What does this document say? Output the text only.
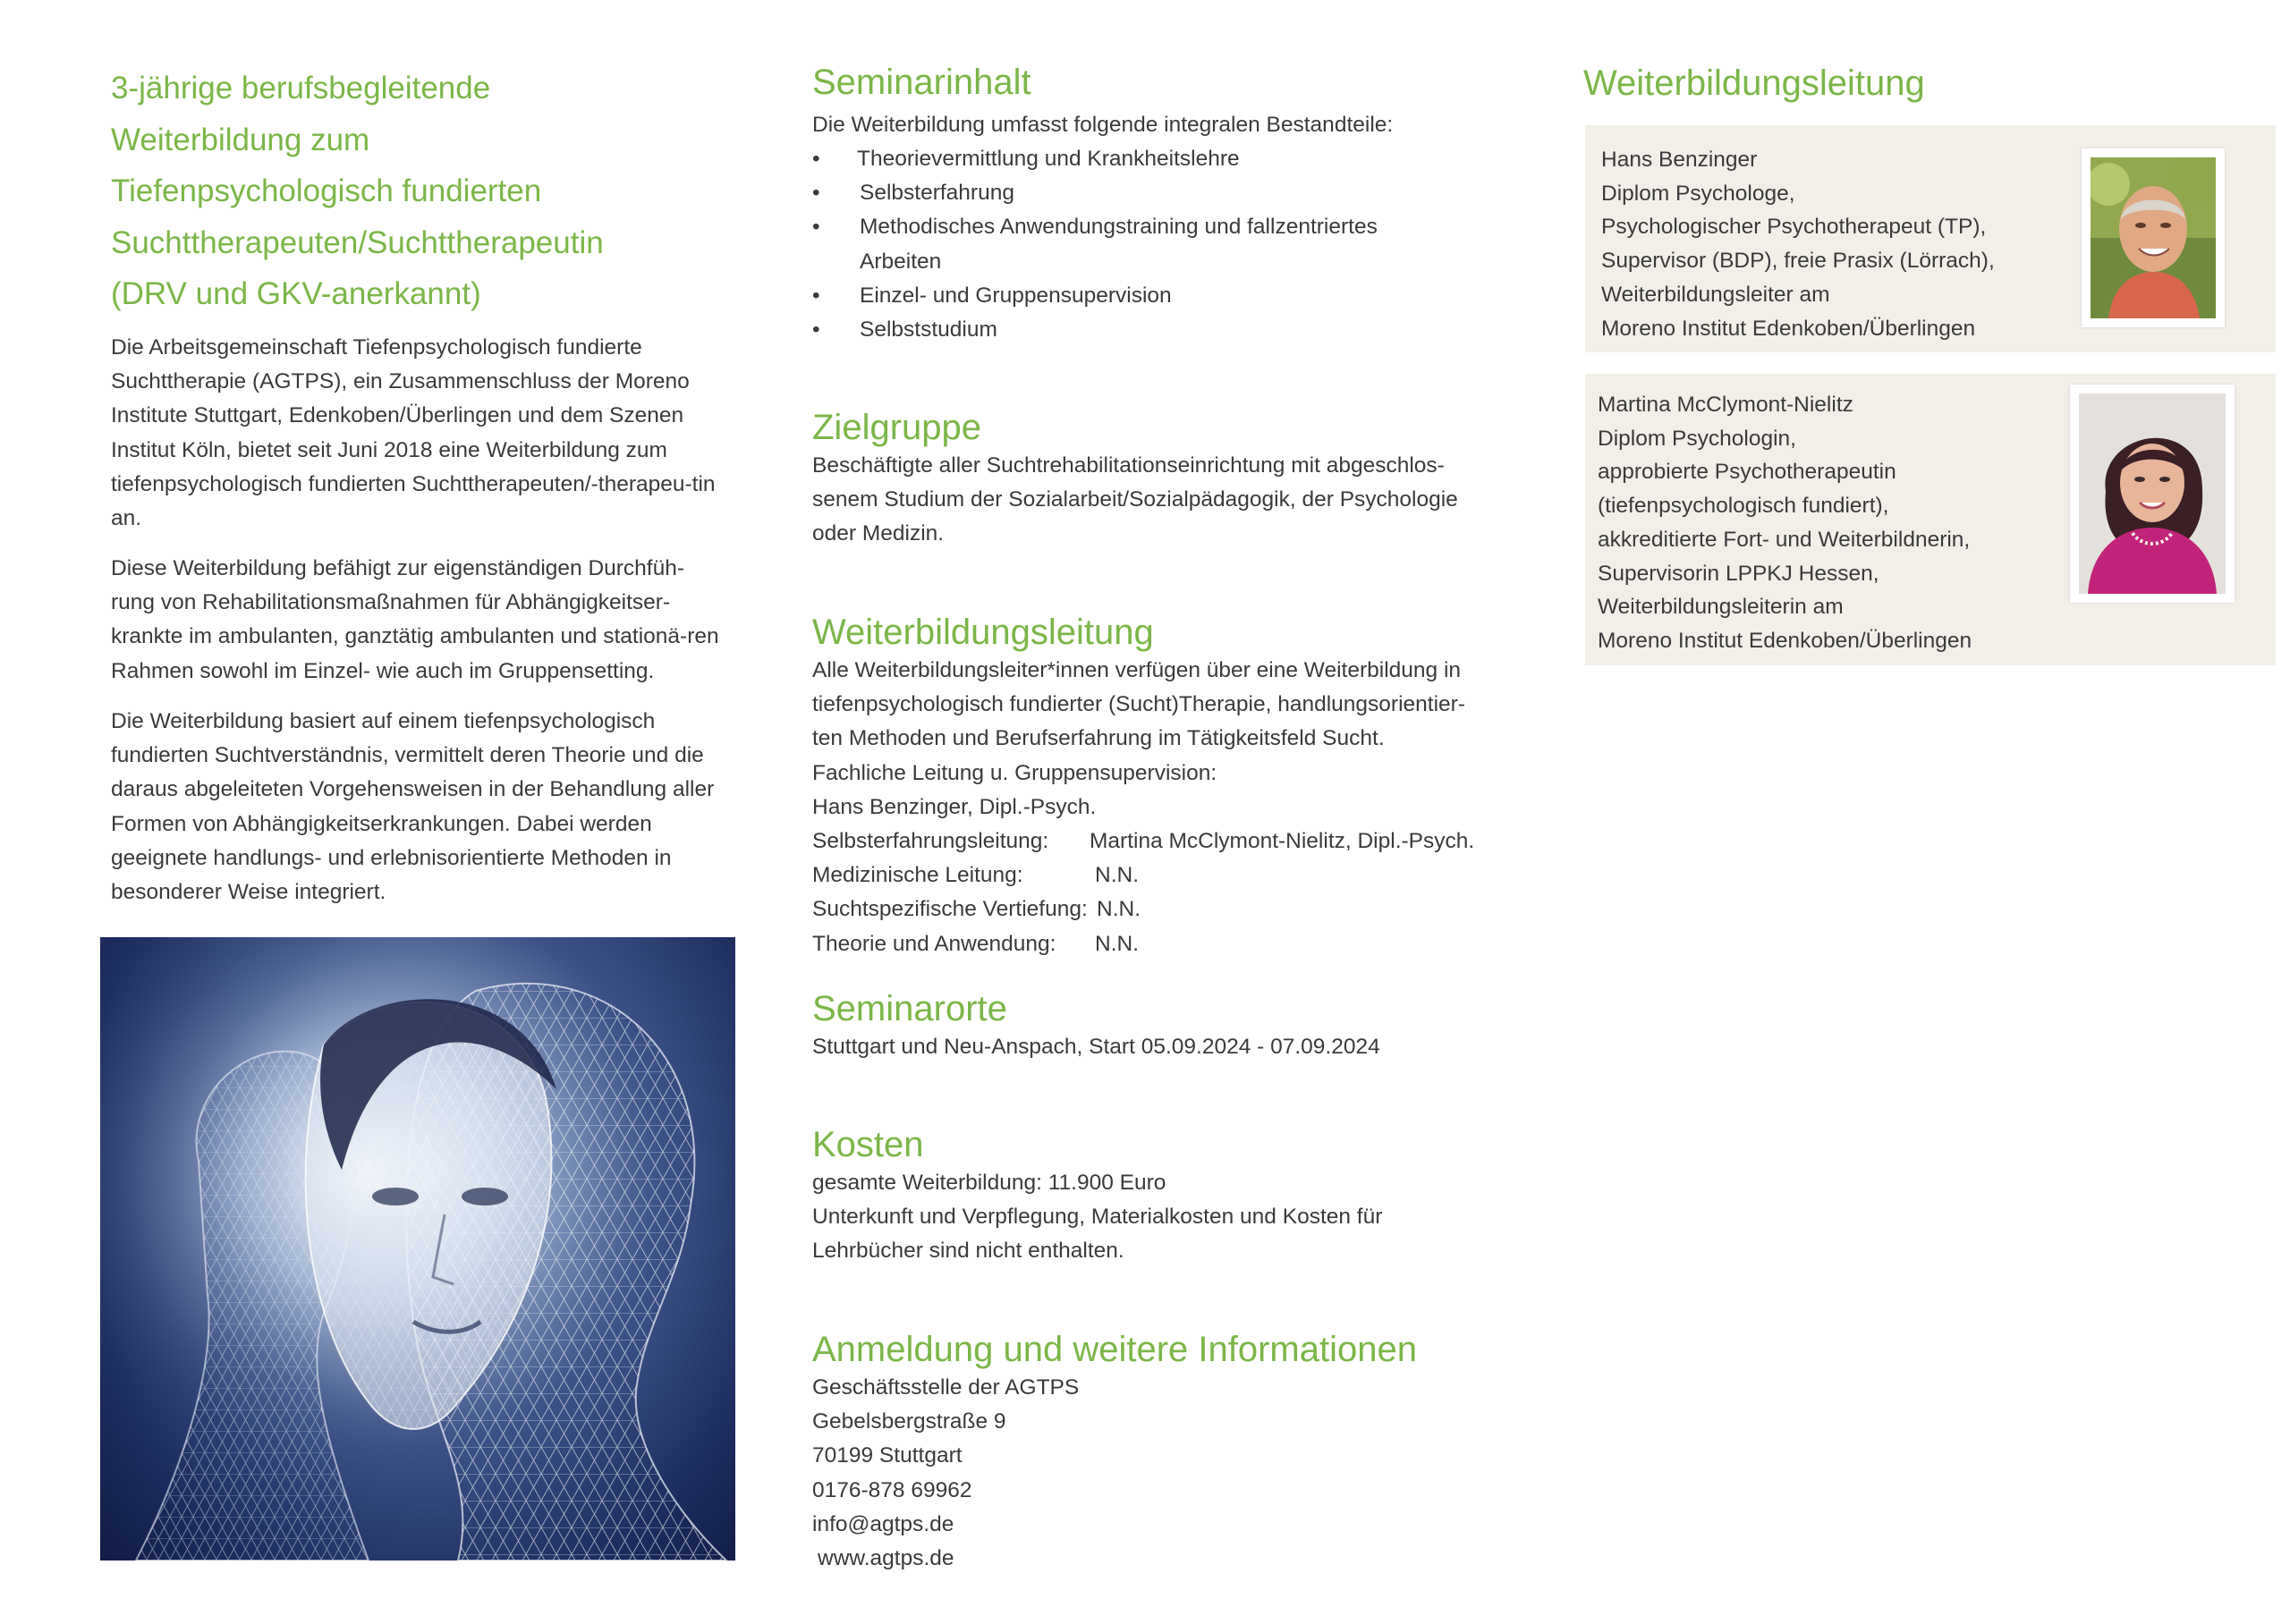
3-jährige berufsbegleitende
Weiterbildung zum
Tiefenpsychologisch fundierten
Suchttherapeuten/Suchttherapeutin
(DRV und GKV-anerkannt)

Die Arbeitsgemeinschaft Tiefenpsychologisch fundierte Suchttherapie (AGTPS), ein Zusammenschluss der Moreno Institute Stuttgart, Edenkoben/Überlingen und dem Szenen Institut Köln, bietet seit Juni 2018 eine Weiterbildung zum tiefenpsychologisch fundierten Suchttherapeuten/-therapeu-tin an.

Diese Weiterbildung befähigt zur eigenständigen Durchfüh-rung von Rehabilitationsmaßnahmen für Abhängigkeitser-krankte im ambulanten, ganztätig ambulanten und stationä-ren Rahmen sowohl im Einzel- wie auch im Gruppensetting.

Die Weiterbildung basiert auf einem tiefenpsychologisch fundierten Suchtverständnis, vermittelt deren Theorie und die daraus abgeleiteten Vorgehensweisen in der Behandlung aller Formen von Abhängigkeitserkrankungen. Dabei werden geeignete handlungs- und erlebnisorientierte Methoden in besonderer Weise integriert.

Seminarinhalt

Die Weiterbildung umfasst folgende integralen Bestandteile:

• Theorievermittlung und Krankheitslehre
• Selbsterfahrung
• Methodisches Anwendungstraining und fallzentriertes Arbeiten
• Einzel- und Gruppensupervision
• Selbststudium
Zielgruppe

Beschäftigte aller Suchtrehabilitationseinrichtung mit abgeschlos-senem Studium der Sozialarbeit/Sozialpädagogik, der Psychologie oder Medizin.

Weiterbildungsleitung

Alle Weiterbildungsleiter*innen verfügen über eine Weiterbildung in tiefenpsychologisch fundierter (Sucht)Therapie, handlungsorientier-ten Methoden und Berufserfahrung im Tätigkeitsfeld Sucht.

Fachliche Leitung u. Gruppensupervision:
Hans Benzinger, Dipl.-Psych.
Selbsterfahrungsleitung:	Martina McClymont-Nielitz, Dipl.-Psych.
Medizinische Leitung:	N.N.
Suchtspezifische Vertiefung: N.N.
Theorie und Anwendung:	N.N.
Seminarorte

Stuttgart und Neu-Anspach, Start 05.09.2024 - 07.09.2024

Kosten

gesamte Weiterbildung: 11.900 Euro

Unterkunft und Verpflegung, Materialkosten und Kosten für Lehrbücher sind nicht enthalten.

Anmeldung und weitere Informationen
Geschäftsstelle der AGTPS
Gebelsbergstraße 9
70199 Stuttgart
0176-878 69962
info@agtps.de
www.agtps.de
Weiterbildungsleitung
Hans Benzinger
Diplom Psychologe,
Psychologischer Psychotherapeut (TP),
Supervisor (BDP), freie Prasix (Lörrach),
Weiterbildungsleiter am
Moreno Institut Edenkoben/Überlingen
Martina McClymont-Nielitz
Diplom Psychologin,
approbierte Psychotherapeutin
(tiefenpsychologisch fundiert),
akkreditierte Fort- und Weiterbildnerin,
Supervisorin LPPKJ Hessen,
Weiterbildungsleiterin am
Moreno Institut Edenkoben/Überlingen
